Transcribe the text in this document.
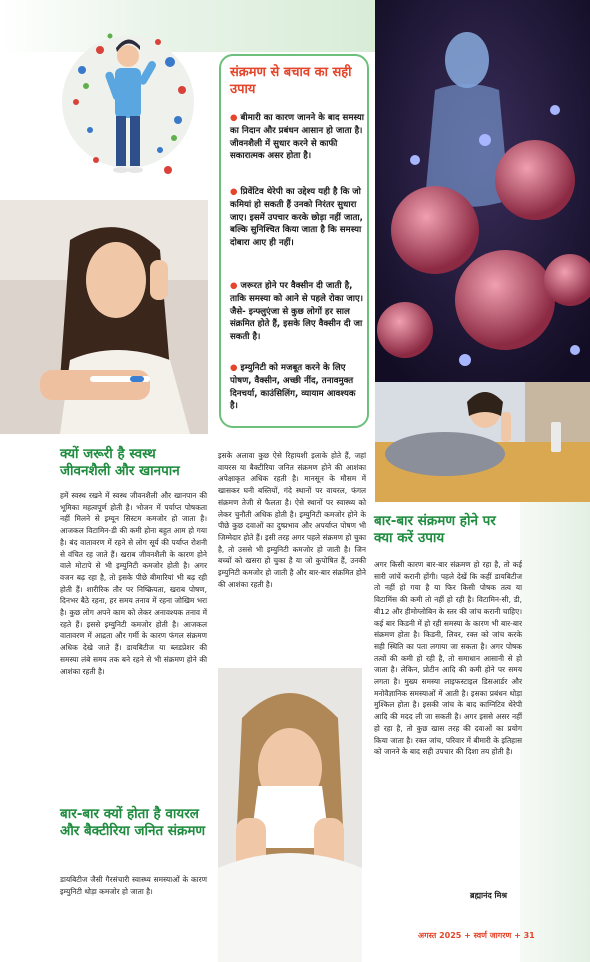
संक्रमण से बचाव का सही उपाय

● बीमारी का कारण जानने के बाद समस्या का निदान और प्रबंधन आसान हो जाता है। जीवनशैली में सुधार करने से काफी सकारात्मक असर होता है।

● प्रिवेंटिव थेरेपी का उद्देश्य यही है कि जो कमियां हो सकती हैं उनको निरंतर सुधारा जाए। इसमें उपचार करके छोड़ा नहीं जाता, बल्कि सुनिश्चित किया जाता है कि समस्या दोबारा आए ही नहीं।

● जरूरत होने पर वैक्सीन दी जाती है, ताकि समस्या को आने से पहले रोका जाए। जैसे- इन्फ्लुएंजा से कुछ लोगों हर साल संक्रमित होते हैं, इसके लिए वैक्सीन दी जा सकती है।

● इम्युनिटी को मजबूत करने के लिए पोषण, वैक्सीन, अच्छी नींद, तनावमुक्त दिनचर्या, काउंसिलिंग, व्यायाम आवश्यक है।

क्यों जरूरी है स्वस्थ जीवनशैली और खानपान

हमें स्वस्थ रखने में स्वस्थ जीवनशैली और खानपान की भूमिका महत्वपूर्ण होती है। भोजन में पर्याप्त पोषकता नहीं मिलने से इम्यून सिस्टम कमजोर हो जाता है। आजकल विटामिन-डी की कमी होना बहुत आम हो गया है। बंद वातावरण में रहने से लोग सूर्य की पर्याप्त रोशनी से वंचित रह जाते हैं। खराब जीवनशैली के कारण होने वाले मोटापे से भी इम्युनिटी कमजोर होती है। अगर वजन बढ़ रहा है, तो इसके पीछे बीमारियां भी बढ़ रही होती हैं। शारीरिक तौर पर निष्क्रियता, खराब पोषण, दिनभर बैठे रहना, हर समय तनाव में रहना जोखिम भरा है। कुछ लोग अपने काम को लेकर अनावश्यक तनाव में रहते हैं। इससे इम्युनिटी कमजोर होती है। आजकल वातावरण में आद्रता और गर्मी के कारण फंगल संक्रमण अधिक देखे जाते हैं। डायबिटीज या ब्लडप्रेशर की समस्या लंबे समय तक बने रहने से भी संक्रमण होने की आशंका रहती है।

बार-बार क्यों होता है वायरल और बैक्टीरिया जनित संक्रमण

डायबिटीज जैसी गैरसंचारी स्वास्थ्य समस्याओं के कारण इम्युनिटी थोड़ा कमजोर हो जाता है।

इसके अलावा कुछ ऐसे रिहायशी इलाके होते हैं, जहां वायरस या बैक्टीरिया जनित संक्रमण होने की आशंका अपेक्षाकृत अधिक रहती है। मानसून के मौसम में खासकर घनी बस्तियों, गंदे स्थानों पर वायरल, फंगल संक्रमण तेजी से फैलता है। ऐसे स्थानों पर स्वास्थ्य को लेकर चुनौती अधिक होती है। इम्युनिटी कमजोर होने के पीछे कुछ दवाओं का दुष्प्रभाव और अपर्याप्त पोषण भी जिम्मेदार होते हैं। इसी तरह अगर पहले संक्रमण हो चुका है, तो उससे भी इम्युनिटी कमजोर हो जाती है। जिन बच्चों को खसरा हो चुका है या जो कुपोषित हैं, उनकी इम्युनिटी कमजोर हो जाती है और बार-बार संक्रमित होने की आशंका रहती है।

बार-बार संक्रमण होने पर क्या करें उपाय

अगर किसी कारण बार-बार संक्रमण हो रहा है, तो कई सारी जांचें करानी होंगी। पहले देखें कि कहीं डायबिटीज तो नहीं हो गया है या फिर किसी पोषक तत्व या विटामिंस की कमी तो नहीं हो रही है। विटामिन-सी, डी, बी12 और हीमोग्लोबिन के स्तर की जांच करानी चाहिए। कई बार किडनी में हो रही समस्या के कारण भी बार-बार संक्रमण होता है। किडनी, लिवर, रक्त को जांच करके सही स्थिति का पता लगाया जा सकता है। अगर पोषक तत्वों की कमी हो रही है, तो समाधान आसानी से हो जाता है। लेकिन, प्रोटीन आदि की कमी होने पर समय लगता है। मुख्य समस्या लाइफस्टाइल डिसआर्डर और मनोवैज्ञानिक समस्याओं में आती है। इसका प्रबंधन थोड़ा मुश्किल होता है। इसकी जांच के बाद काग्निटिव थेरेपी आदि की मदद ली जा सकती है। अगर इससे असर नहीं हो रहा है, तो कुछ खास तरह की दवाओं का प्रयोग किया जाता है। रक्त जांच, परिवार में बीमारी के इतिहास को जानने के बाद सही उपचार की दिशा तय होती है।

ब्रह्मानंद मिश्र
अगस्त 2025 + स्वर्ण जागरण + 31
